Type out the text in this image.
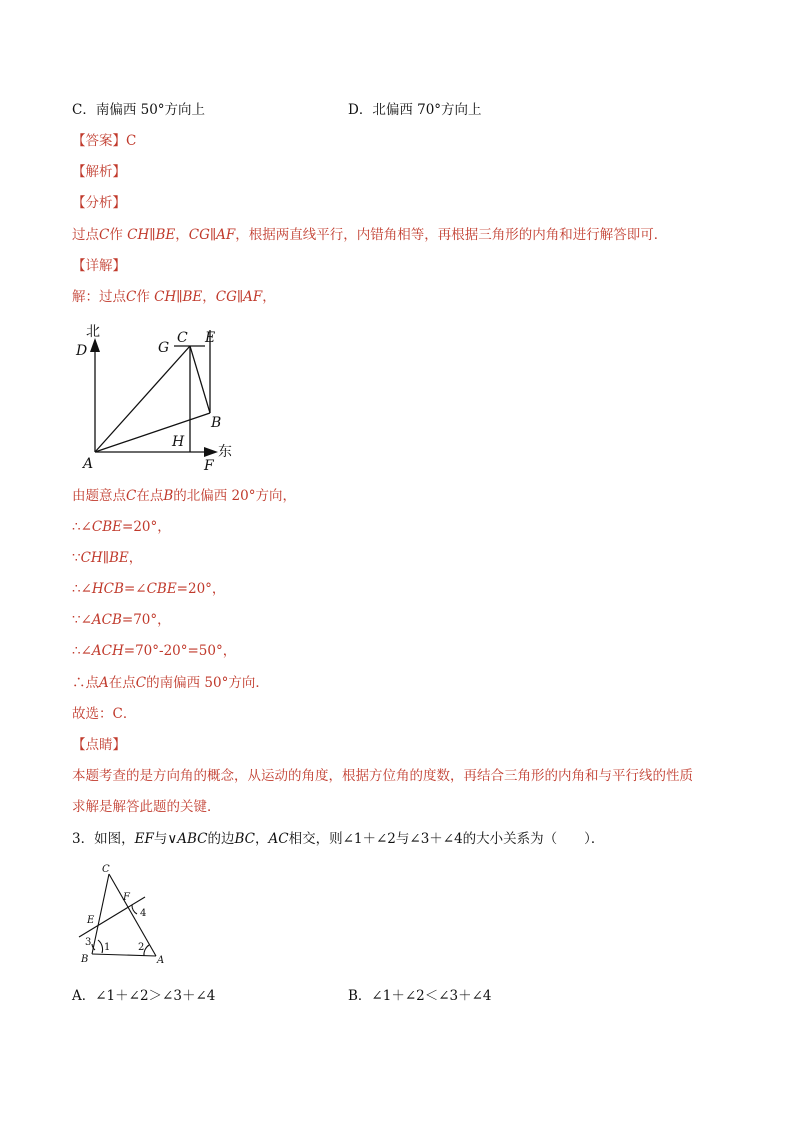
C．南偏西 50°方向上	D．北偏西 70°方向上
【答案】C
【解析】
【分析】
过点C作 CH∥BE，CG∥AF，根据两直线平行，内错角相等，再根据三角形的内角和进行解答即可．
【详解】
解：过点C作 CH∥BE，CG∥AF，
北
D	G
C E
B
H
东
A	F
由题意点C在点B的北偏西 20°方向，
∴∠CBE=20°，
∵CH∥BE，
∴∠HCB=∠CBE=20°，
∵∠ACB=70°，
∴∠ACH=70°-20°=50°，
∴点A在点C的南偏西 50°方向．
故选：C．
【点睛】
本题考查的是方向角的概念，从运动的角度，根据方位角的度数，再结合三角形的内角和与平行线的性质
求解是解答此题的关键．
3．如图，EF与∨ABC的边BC，AC相交，则∠1＋∠2与∠3＋∠4的大小关系为（　　）．
C
F
4
E
3 1	2
B	A
A．∠1＋∠2＞∠3＋∠4	B．∠1＋∠2＜∠3＋∠4
